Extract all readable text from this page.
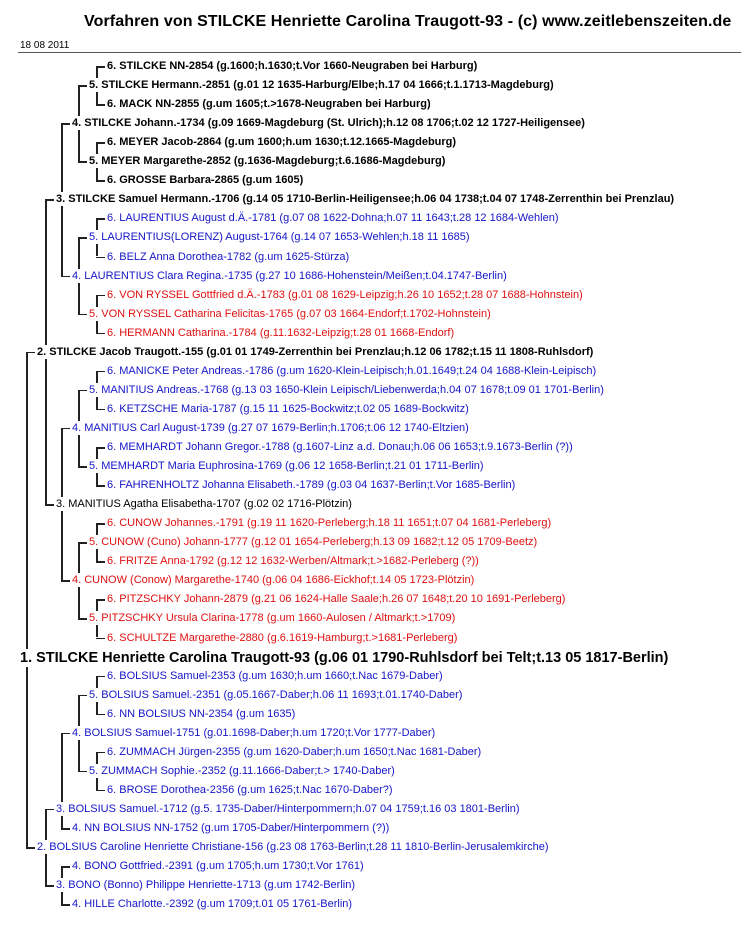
Vorfahren von STILCKE Henriette Carolina Traugott-93 - (c) www.zeitlebenszeiten.de
18 08 2011
6. STILCKE NN-2854 (g.1600;h.1630;t.Vor 1660-Neugraben bei Harburg)
5. STILCKE Hermann.-2851 (g.01 12 1635-Harburg/Elbe;h.17 04 1666;t.1.1713-Magdeburg)
6. MACK NN-2855 (g.um 1605;t.>1678-Neugraben bei Harburg)
4. STILCKE Johann.-1734 (g.09 1669-Magdeburg (St. Ulrich);h.12 08 1706;t.02 12 1727-Heiligensee)
6. MEYER Jacob-2864 (g.um 1600;h.um 1630;t.12.1665-Magdeburg)
5. MEYER Margarethe-2852 (g.1636-Magdeburg;t.6.1686-Magdeburg)
6. GROSSE Barbara-2865 (g.um 1605)
3. STILCKE Samuel Hermann.-1706 (g.14 05 1710-Berlin-Heiligensee;h.06 04 1738;t.04 07 1748-Zerrenthin bei Prenzlau)
6. LAURENTIUS August d.Ä.-1781 (g.07 08 1622-Dohna;h.07 11 1643;t.28 12 1684-Wehlen)
5. LAURENTIUS(LORENZ) August-1764 (g.14 07 1653-Wehlen;h.18 11 1685)
6. BELZ Anna Dorothea-1782 (g.um 1625-Stürza)
4. LAURENTIUS Clara Regina.-1735 (g.27 10 1686-Hohenstein/Meißen;t.04.1747-Berlin)
6. VON RYSSEL Gottfried d.Ä.-1783 (g.01 08 1629-Leipzig;h.26 10 1652;t.28 07 1688-Hohnstein)
5. VON RYSSEL Catharina Felicitas-1765 (g.07 03 1664-Endorf;t.1702-Hohnstein)
6. HERMANN Catharina.-1784 (g.11.1632-Leipzig;t.28 01 1668-Endorf)
2. STILCKE Jacob Traugott.-155 (g.01 01 1749-Zerrenthin bei Prenzlau;h.12 06 1782;t.15 11 1808-Ruhlsdorf)
6. MANICKE Peter Andreas.-1786 (g.um 1620-Klein-Leipisch;h.01.1649;t.24 04 1688-Klein-Leipisch)
5. MANITIUS Andreas.-1768 (g.13 03 1650-Klein Leipisch/Liebenwerda;h.04 07 1678;t.09 01 1701-Berlin)
6. KETZSCHE Maria-1787 (g.15 11 1625-Bockwitz;t.02 05 1689-Bockwitz)
4. MANITIUS Carl August-1739 (g.27 07 1679-Berlin;h.1706;t.06 12 1740-Eltzien)
6. MEMHARDT Johann Gregor.-1788 (g.1607-Linz a.d. Donau;h.06 06 1653;t.9.1673-Berlin (?))
5. MEMHARDT Maria Euphrosina-1769 (g.06 12 1658-Berlin;t.21 01 1711-Berlin)
6. FAHRENHOLTZ Johanna Elisabeth.-1789 (g.03 04 1637-Berlin;t.Vor 1685-Berlin)
3. MANITIUS Agatha Elisabetha-1707 (g.02 02 1716-Plötzin)
6. CUNOW Johannes.-1791 (g.19 11 1620-Perleberg;h.18 11 1651;t.07 04 1681-Perleberg)
5. CUNOW (Cuno) Johann-1777 (g.12 01 1654-Perleberg;h.13 09 1682;t.12 05 1709-Beetz)
6. FRITZE Anna-1792 (g.12 12 1632-Werben/Altmark;t.>1682-Perleberg (?))
4. CUNOW (Conow) Margarethe-1740 (g.06 04 1686-Eickhof;t.14 05 1723-Plötzin)
6. PITZSCHKY Johann-2879 (g.21 06 1624-Halle Saale;h.26 07 1648;t.20 10 1691-Perleberg)
5. PITZSCHKY Ursula Clarina-1778 (g.um 1660-Aulosen / Altmark;t.>1709)
6. SCHULTZE Margarethe-2880 (g.6.1619-Hamburg;t.>1681-Perleberg)
1. STILCKE Henriette Carolina Traugott-93 (g.06 01 1790-Ruhlsdorf bei Telt;t.13 05 1817-Berlin)
6. BOLSIUS Samuel-2353 (g.um 1630;h.um 1660;t.Nac 1679-Daber)
5. BOLSIUS Samuel.-2351 (g.05.1667-Daber;h.06 11 1693;t.01.1740-Daber)
6. NN BOLSIUS NN-2354 (g.um 1635)
4. BOLSIUS Samuel-1751 (g.01.1698-Daber;h.um 1720;t.Vor 1777-Daber)
6. ZUMMACH Jürgen-2355 (g.um 1620-Daber;h.um 1650;t.Nac 1681-Daber)
5. ZUMMACH Sophie.-2352 (g.11.1666-Daber;t.> 1740-Daber)
6. BROSE Dorothea-2356 (g.um 1625;t.Nac 1670-Daber?)
3. BOLSIUS Samuel.-1712 (g.5. 1735-Daber/Hinterpommern;h.07 04 1759;t.16 03 1801-Berlin)
4. NN BOLSIUS NN-1752 (g.um 1705-Daber/Hinterpommern (?))
2. BOLSIUS Caroline Henriette Christiane-156 (g.23 08 1763-Berlin;t.28 11 1810-Berlin-Jerusalemkirche)
4. BONO Gottfried.-2391 (g.um 1705;h.um 1730;t.Vor 1761)
3. BONO (Bonno) Philippe Henriette-1713 (g.um 1742-Berlin)
4. HILLE Charlotte.-2392 (g.um 1709;t.01 05 1761-Berlin)
